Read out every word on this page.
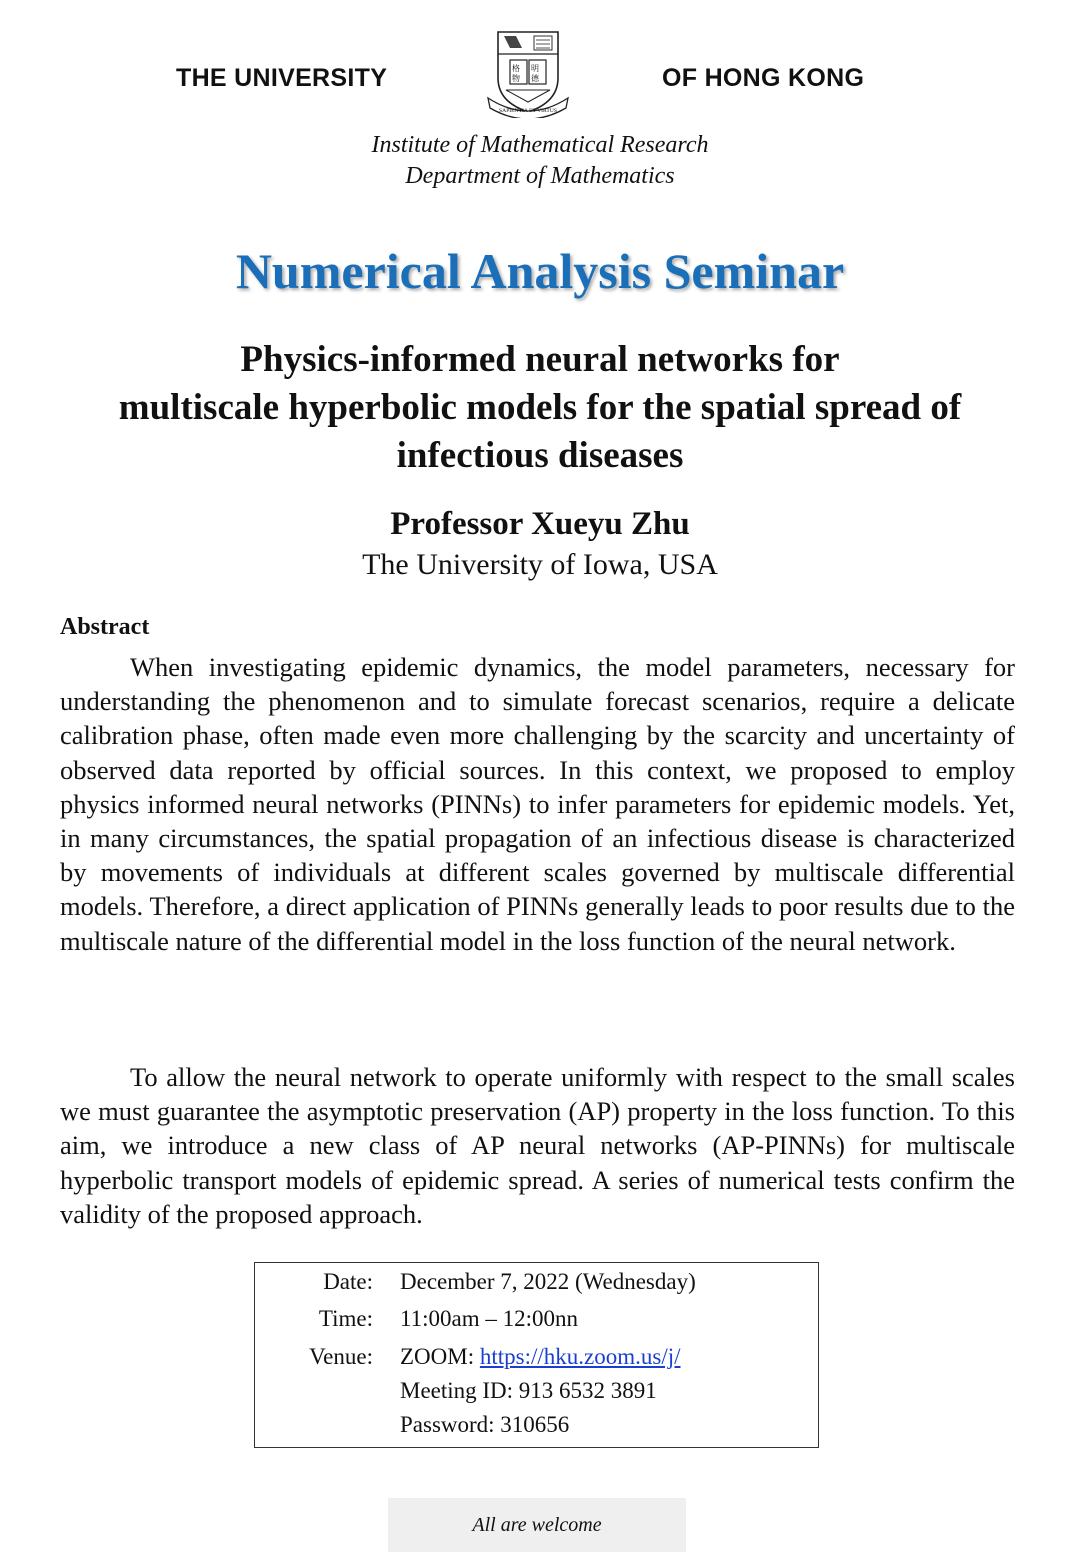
THE UNIVERSITY	格 明
物 德
SAPIENTIA ET VIRTUS
OF HONG KONG
Institute of Mathematical Research
Department of Mathematics
Numerical Analysis Seminar
Physics-informed neural networks for
multiscale hyperbolic models for the spatial spread of
infectious diseases
Professor Xueyu Zhu
The University of Iowa, USA
Abstract

When investigating epidemic dynamics, the model parameters, necessary for understanding the phenomenon and to simulate forecast scenarios, require a delicate calibration phase, often made even more challenging by the scarcity and uncertainty of observed data reported by official sources. In this context, we proposed to employ physics informed neural networks (PINNs) to infer parameters for epidemic models. Yet, in many circumstances, the spatial propagation of an infectious disease is characterized by movements of individuals at different scales governed by multiscale differential models. Therefore, a direct application of PINNs generally leads to poor results due to the multiscale nature of the differential model in the loss function of the neural network.

To allow the neural network to operate uniformly with respect to the small scales we must guarantee the asymptotic preservation (AP) property in the loss function. To this aim, we introduce a new class of AP neural networks (AP-PINNs) for multiscale hyperbolic transport models of epidemic spread. A series of numerical tests confirm the validity of the proposed approach.

Date: December 7, 2022 (Wednesday)
Time: 11:00am – 12:00nn
Venue: ZOOM: https://hku.zoom.us/j/
Meeting ID: 913 6532 3891
Password: 310656
All are welcome
